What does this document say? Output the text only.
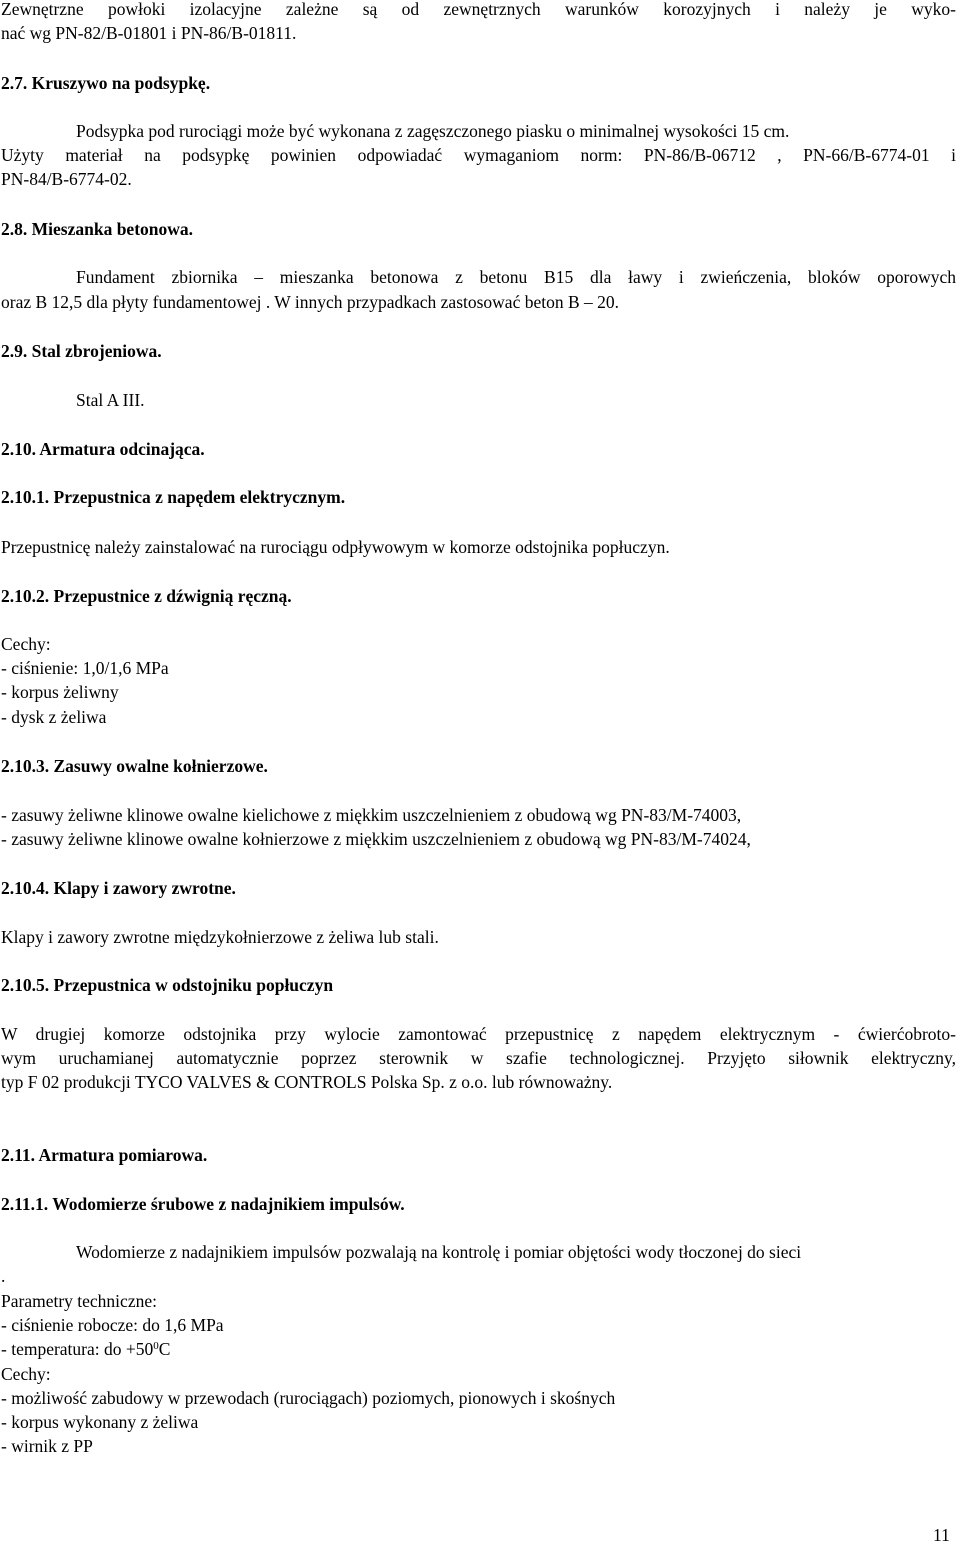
Zewnętrzne powłoki izolacyjne zależne są od zewnętrznych warunków korozyjnych i należy je wyko-
nać wg PN-82/B-01801 i PN-86/B-01811.
2.7. Kruszywo na podsypkę.
Podsypka pod rurociągi może być wykonana z zagęszczonego piasku o minimalnej wysokości 15 cm.
Użyty materiał na podsypkę powinien odpowiadać wymaganiom norm: PN-86/B-06712 , PN-66/B-6774-01 i
PN-84/B-6774-02.
2.8. Mieszanka betonowa.
Fundament zbiornika – mieszanka betonowa z betonu B15 dla ławy i zwieńczenia, bloków oporowych
oraz B 12,5 dla płyty fundamentowej . W innych przypadkach zastosować beton B – 20.
2.9. Stal zbrojeniowa.
Stal A III.
2.10. Armatura odcinająca.
2.10.1. Przepustnica z napędem elektrycznym.
Przepustnicę należy zainstalować na rurociągu odpływowym w komorze odstojnika popłuczyn.
2.10.2. Przepustnice z dźwignią ręczną.
Cechy:
- ciśnienie: 1,0/1,6 MPa
- korpus żeliwny
- dysk z żeliwa
2.10.3. Zasuwy owalne kołnierzowe.
- zasuwy żeliwne klinowe owalne kielichowe z miękkim uszczelnieniem z obudową wg PN-83/M-74003,
- zasuwy żeliwne klinowe owalne kołnierzowe z miękkim uszczelnieniem z obudową wg PN-83/M-74024,
2.10.4. Klapy i zawory zwrotne.
Klapy i zawory zwrotne międzykołnierzowe z żeliwa lub stali.
2.10.5. Przepustnica w odstojniku popłuczyn
W drugiej komorze odstojnika przy wylocie zamontować przepustnicę z napędem elektrycznym - ćwierćobroto-
wym uruchamianej automatycznie poprzez sterownik w szafie technologicznej. Przyjęto siłownik elektryczny,
typ F 02 produkcji TYCO VALVES & CONTROLS Polska Sp. z o.o. lub równoważny.
2.11. Armatura pomiarowa.
2.11.1. Wodomierze śrubowe z nadajnikiem impulsów.
Wodomierze z nadajnikiem impulsów pozwalają na kontrolę i pomiar objętości wody tłoczonej do sieci
.
Parametry techniczne:
- ciśnienie robocze: do 1,6 MPa
- temperatura: do $+50^0C$
Cechy:
- możliwość zabudowy w przewodach (rurociągach) poziomych, pionowych i skośnych
- korpus wykonany z żeliwa
- wirnik z PP
11
